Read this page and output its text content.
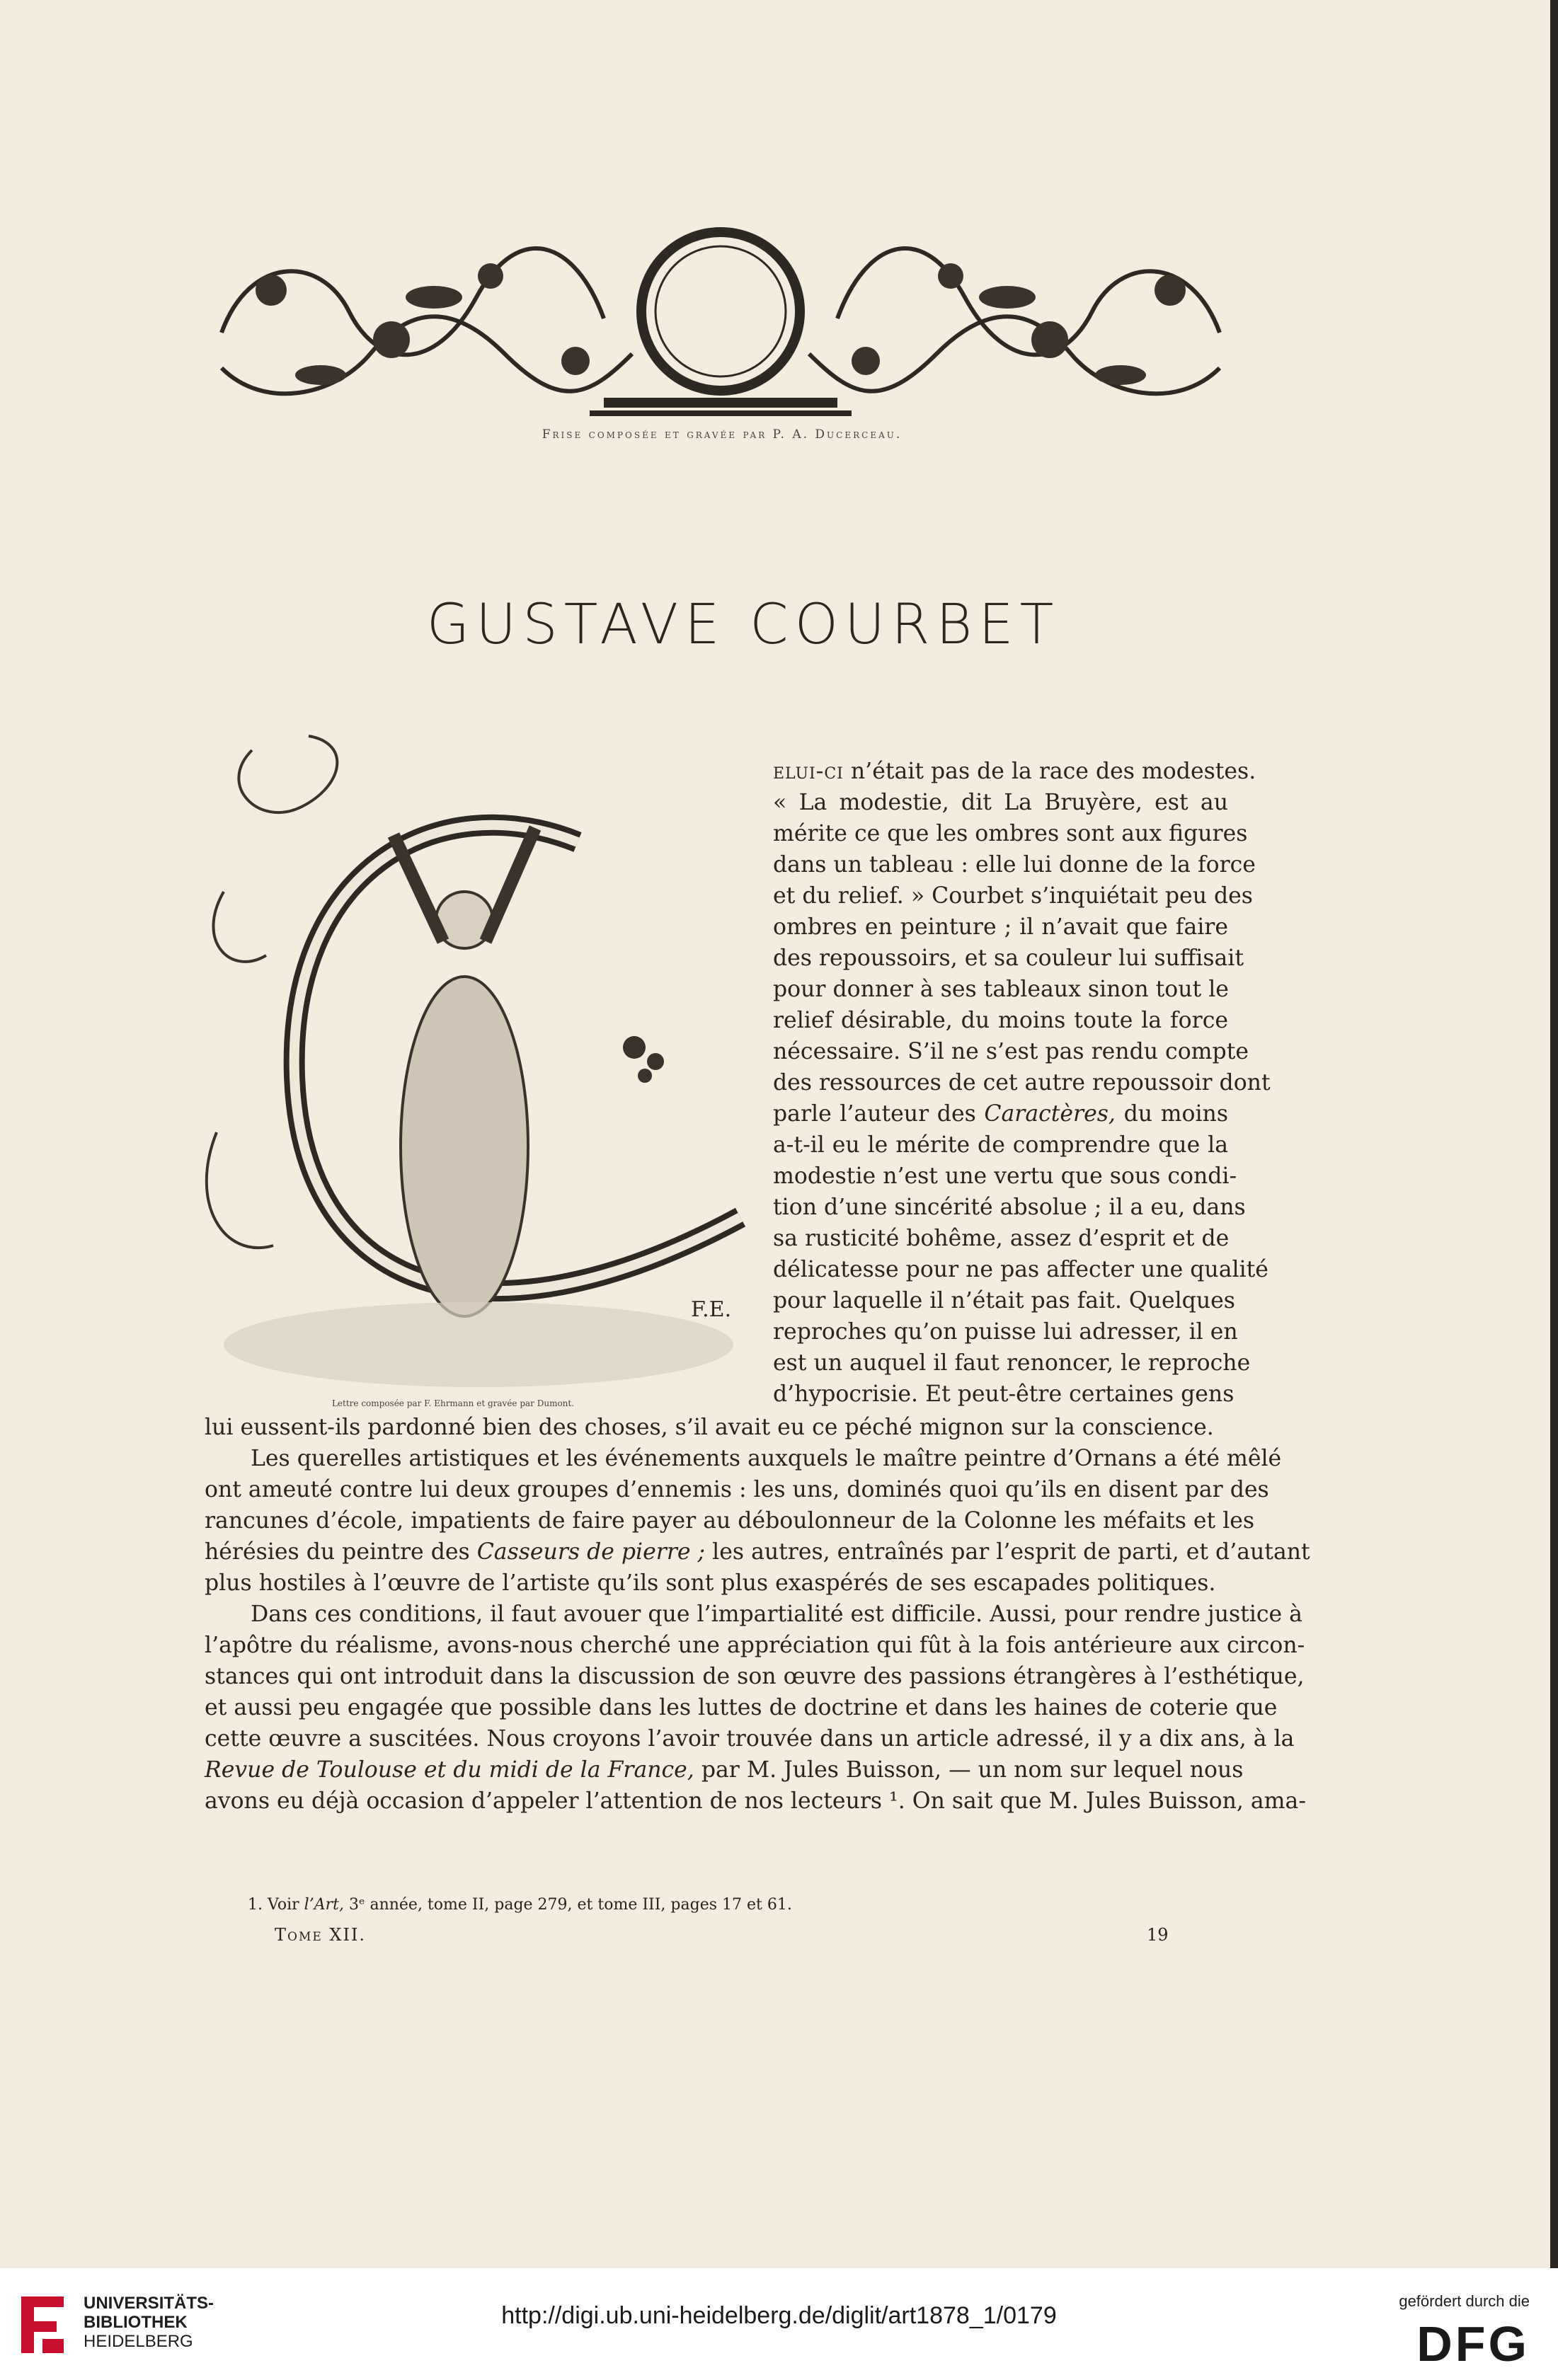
Frise composée et gravée par P. A. Ducerceau.
GUSTAVE COURBET
F.E.
Lettre composée par F. Ehrmann et gravée par Dumont.
elui-ci n’était pas de la race des modestes.
« La modestie, dit La Bruyère, est au
mérite ce que les ombres sont aux figures
dans un tableau : elle lui donne de la force
et du relief. » Courbet s’inquiétait peu des
ombres en peinture ; il n’avait que faire
des repoussoirs, et sa couleur lui suffisait
pour donner à ses tableaux sinon tout le
relief désirable, du moins toute la force
nécessaire. S’il ne s’est pas rendu compte
des ressources de cet autre repoussoir dont
parle l’auteur des Caractères, du moins
a-t-il eu le mérite de comprendre que la
modestie n’est une vertu que sous condi-
tion d’une sincérité absolue ; il a eu, dans
sa rusticité bohême, assez d’esprit et de
délicatesse pour ne pas affecter une qualité
pour laquelle il n’était pas fait. Quelques
reproches qu’on puisse lui adresser, il en
est un auquel il faut renoncer, le reproche
d’hypocrisie. Et peut-être certaines gens
lui eussent-ils pardonné bien des choses, s’il avait eu ce péché mignon sur la conscience.
Les querelles artistiques et les événements auxquels le maître peintre d’Ornans a été mêlé
ont ameuté contre lui deux groupes d’ennemis : les uns, dominés quoi qu’ils en disent par des
rancunes d’école, impatients de faire payer au déboulonneur de la Colonne les méfaits et les
hérésies du peintre des Casseurs de pierre ; les autres, entraînés par l’esprit de parti, et d’autant
plus hostiles à l’œuvre de l’artiste qu’ils sont plus exaspérés de ses escapades politiques.
Dans ces conditions, il faut avouer que l’impartialité est difficile. Aussi, pour rendre justice à
l’apôtre du réalisme, avons-nous cherché une appréciation qui fût à la fois antérieure aux circon-
stances qui ont introduit dans la discussion de son œuvre des passions étrangères à l’esthétique,
et aussi peu engagée que possible dans les luttes de doctrine et dans les haines de coterie que
cette œuvre a suscitées. Nous croyons l’avoir trouvée dans un article adressé, il y a dix ans, à la
Revue de Toulouse et du midi de la France, par M. Jules Buisson, — un nom sur lequel nous
avons eu déjà occasion d’appeler l’attention de nos lecteurs ¹. On sait que M. Jules Buisson, ama-
1. Voir l’Art, 3ᵉ année, tome II, page 279, et tome III, pages 17 et 61.
Tome XII.	19
UNIVERSITÄTS-
BIBLIOTHEK
HEIDELBERG
http://digi.ub.uni-heidelberg.de/diglit/art1878_1/0179
gefördert durch die
DFG
